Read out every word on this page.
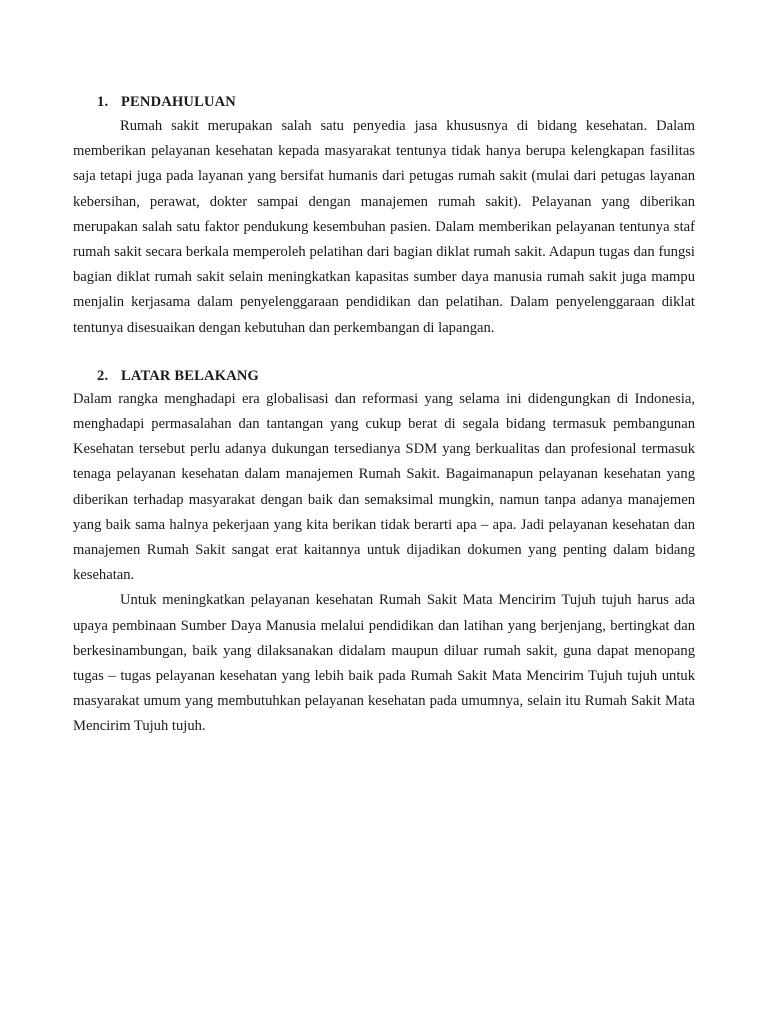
1. PENDAHULUAN

Rumah sakit merupakan salah satu penyedia jasa khususnya di bidang kesehatan. Dalam memberikan pelayanan kesehatan kepada masyarakat tentunya tidak hanya berupa kelengkapan fasilitas saja tetapi juga pada layanan yang bersifat humanis dari petugas rumah sakit (mulai dari petugas layanan kebersihan, perawat, dokter sampai dengan manajemen rumah sakit). Pelayanan yang diberikan merupakan salah satu faktor pendukung kesembuhan pasien. Dalam memberikan pelayanan tentunya staf rumah sakit secara berkala memperoleh pelatihan dari bagian diklat rumah sakit. Adapun tugas dan fungsi bagian diklat rumah sakit selain meningkatkan kapasitas sumber daya manusia rumah sakit juga mampu menjalin kerjasama dalam penyelenggaraan pendidikan dan pelatihan. Dalam penyelenggaraan diklat tentunya disesuaikan dengan kebutuhan dan perkembangan di lapangan.

2. LATAR BELAKANG

Dalam rangka menghadapi era globalisasi dan reformasi yang selama ini didengungkan di Indonesia, menghadapi permasalahan dan tantangan yang cukup berat di segala bidang termasuk pembangunan Kesehatan tersebut perlu adanya dukungan tersedianya SDM yang berkualitas dan profesional termasuk tenaga pelayanan kesehatan dalam manajemen Rumah Sakit. Bagaimanapun pelayanan kesehatan yang diberikan terhadap masyarakat dengan baik dan semaksimal mungkin, namun tanpa adanya manajemen yang baik sama halnya pekerjaan yang kita berikan tidak berarti apa – apa. Jadi pelayanan kesehatan dan manajemen Rumah Sakit sangat erat kaitannya untuk dijadikan dokumen yang penting dalam bidang kesehatan.

Untuk meningkatkan pelayanan kesehatan Rumah Sakit Mata Mencirim Tujuh tujuh harus ada upaya pembinaan Sumber Daya Manusia melalui pendidikan dan latihan yang berjenjang, bertingkat dan berkesinambungan, baik yang dilaksanakan didalam maupun diluar rumah sakit, guna dapat menopang tugas – tugas pelayanan kesehatan yang lebih baik pada Rumah Sakit Mata Mencirim Tujuh tujuh untuk masyarakat umum yang membutuhkan pelayanan kesehatan pada umumnya, selain itu Rumah Sakit Mata Mencirim Tujuh tujuh.
